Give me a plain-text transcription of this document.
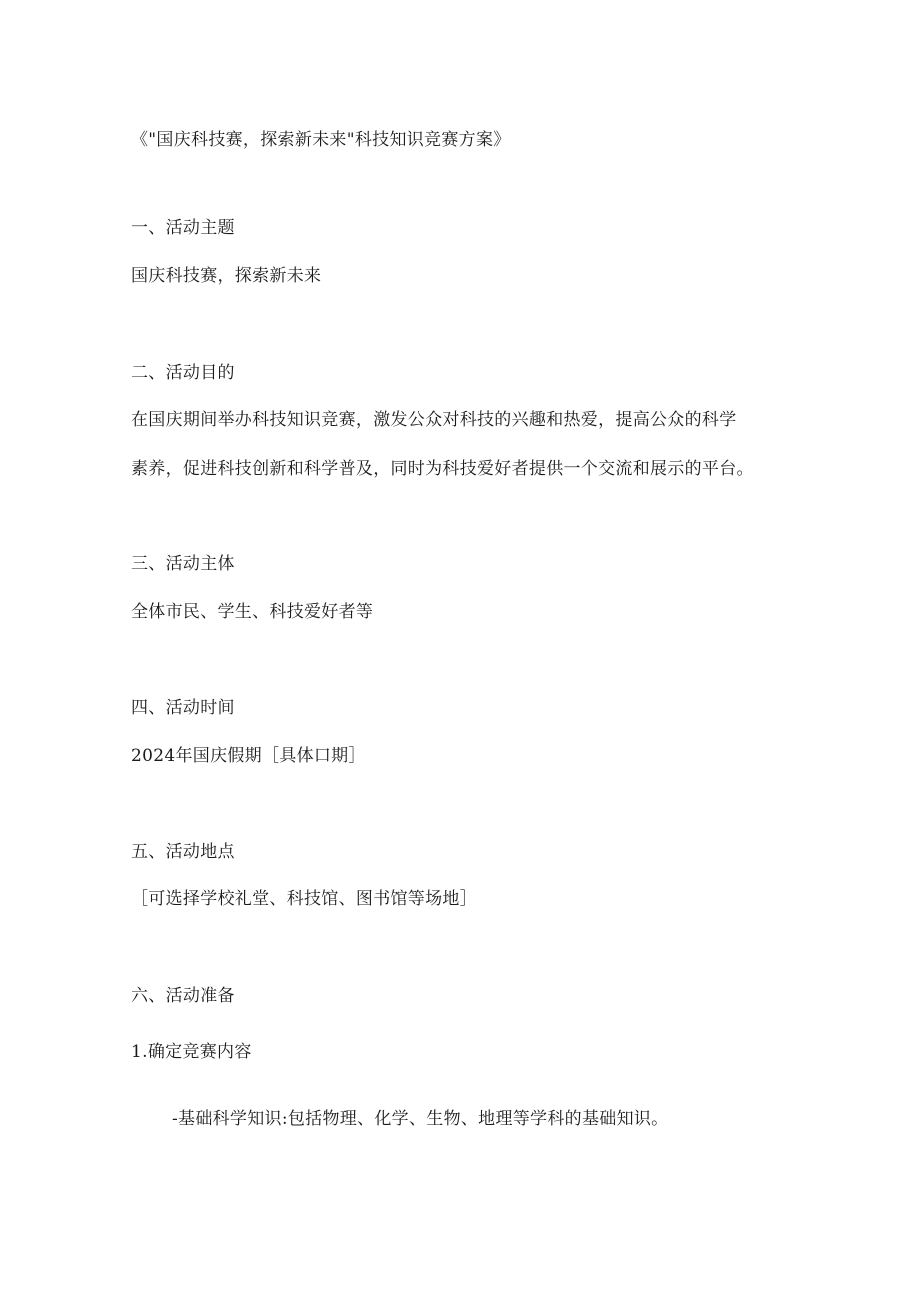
《"国庆科技赛，探索新未来"科技知识竞赛方案》
一、活动主题
国庆科技赛，探索新未来
二、活动目的
在国庆期间举办科技知识竞赛，激发公众对科技的兴趣和热爱，提高公众的科学
素养，促进科技创新和科学普及，同时为科技爱好者提供一个交流和展示的平台。
三、活动主体
全体市民、学生、科技爱好者等
四、活动时间
2024年国庆假期［具体口期］
五、活动地点
［可选择学校礼堂、科技馆、图书馆等场地］
六、活动准备
1.确定竞赛内容
-基础科学知识:包括物理、化学、生物、地理等学科的基础知识。
